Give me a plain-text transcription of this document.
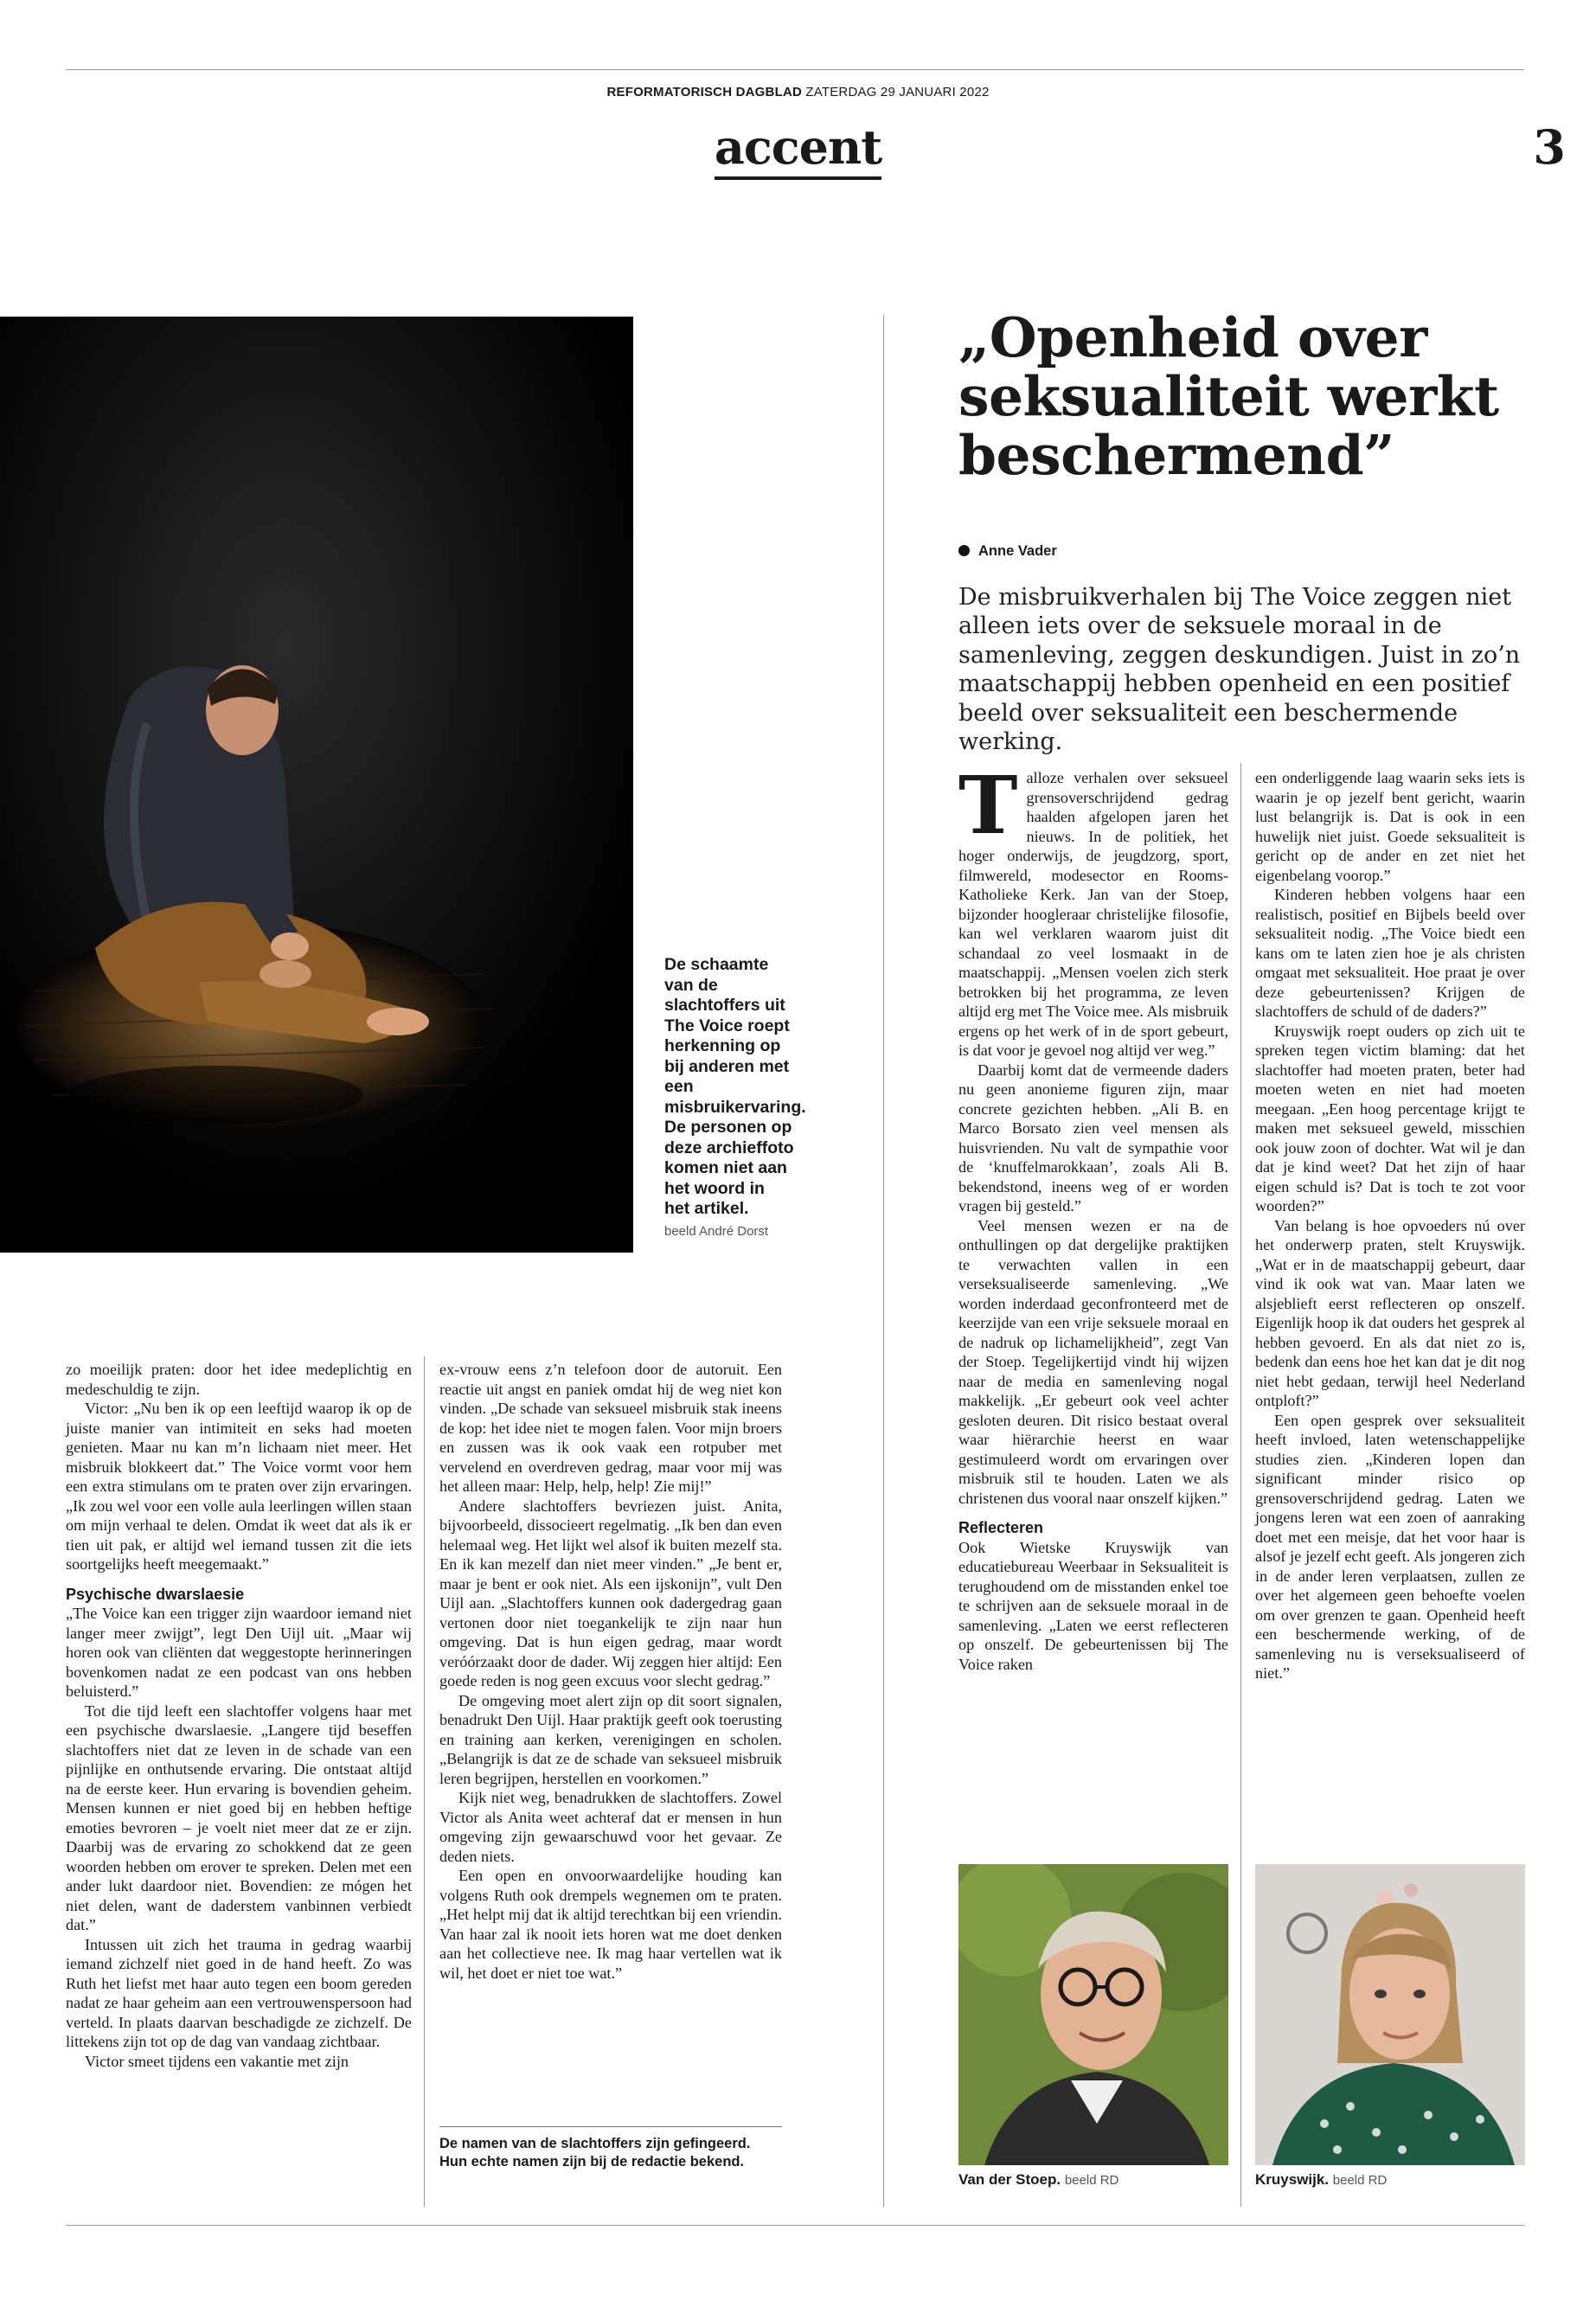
REFORMATORISCH DAGBLAD ZATERDAG 29 JANUARI 2022
accent	3
De schaamte van de slachtoffers uit The Voice roept herkenning op bij anderen met een misbruikervaring. De personen op deze archieffoto komen niet aan het woord in het artikel.
beeld André Dorst
„Openheid over seksualiteit werkt beschermend”
Anne Vader
De misbruikverhalen bij The Voice zeggen niet alleen iets over de seksuele moraal in de samenleving, zeggen deskundigen. Juist in zo’n maatschappij hebben openheid en een positief beeld over seksualiteit een beschermende werking.
T alloze verhalen over seksueel grensoverschrijdend gedrag haalden afgelopen jaren het nieuws. In de politiek, het hoger onderwijs, de jeugdzorg, sport, filmwereld, modesector en Rooms-Katholieke Kerk. Jan van der Stoep, bijzonder hoogleraar christelijke filosofie, kan wel verklaren waarom juist dit schandaal zo veel losmaakt in de maatschappij. „Mensen voelen zich sterk betrokken bij het programma, ze leven altijd erg met The Voice mee. Als misbruik ergens op het werk of in de sport gebeurt, is dat voor je gevoel nog altijd ver weg.”

Daarbij komt dat de vermeende daders nu geen anonieme figuren zijn, maar concrete gezichten hebben. „Ali B. en Marco Borsato zien veel mensen als huisvrienden. Nu valt de sympathie voor de ‘knuffelmarokkaan’, zoals Ali B. bekendstond, ineens weg of er worden vragen bij gesteld.”

Veel mensen wezen er na de onthullingen op dat dergelijke praktijken te verwachten vallen in een verseksualiseerde samenleving. „We worden inderdaad geconfronteerd met de keerzijde van een vrije seksuele moraal en de nadruk op lichamelijkheid”, zegt Van der Stoep. Tegelijkertijd vindt hij wijzen naar de media en samenleving nogal makkelijk. „Er gebeurt ook veel achter gesloten deuren. Dit risico bestaat overal waar hiërarchie heerst en waar gestimuleerd wordt om ervaringen over misbruik stil te houden. Laten we als christenen dus vooral naar onszelf kijken.”

Reflecteren

Ook Wietske Kruyswijk van educatiebureau Weerbaar in Seksualiteit is terughoudend om de misstanden enkel toe te schrijven aan de seksuele moraal in de samenleving. „Laten we eerst reflecteren op onszelf. De gebeurtenissen bij The Voice raken

een onderliggende laag waarin seks iets is waarin je op jezelf bent gericht, waarin lust belangrijk is. Dat is ook in een huwelijk niet juist. Goede seksualiteit is gericht op de ander en zet niet het eigenbelang voorop.”

Kinderen hebben volgens haar een realistisch, positief en Bijbels beeld over seksualiteit nodig. „The Voice biedt een kans om te laten zien hoe je als christen omgaat met seksualiteit. Hoe praat je over deze gebeurtenissen? Krijgen de slachtoffers de schuld of de daders?”

Kruyswijk roept ouders op zich uit te spreken tegen victim blaming: dat het slachtoffer had moeten praten, beter had moeten weten en niet had moeten meegaan. „Een hoog percentage krijgt te maken met seksueel geweld, misschien ook jouw zoon of dochter. Wat wil je dan dat je kind weet? Dat het zijn of haar eigen schuld is? Dat is toch te zot voor woorden?”

Van belang is hoe opvoeders nú over het onderwerp praten, stelt Kruyswijk. „Wat er in de maatschappij gebeurt, daar vind ik ook wat van. Maar laten we alsjeblieft eerst reflecteren op onszelf. Eigenlijk hoop ik dat ouders het gesprek al hebben gevoerd. En als dat niet zo is, bedenk dan eens hoe het kan dat je dit nog niet hebt gedaan, terwijl heel Nederland ontploft?”

Een open gesprek over seksualiteit heeft invloed, laten wetenschappelijke studies zien. „Kinderen lopen dan significant minder risico op grensoverschrijdend gedrag. Laten we jongens leren wat een zoen of aanraking doet met een meisje, dat het voor haar is alsof je jezelf echt geeft. Als jongeren zich in de ander leren verplaatsen, zullen ze over het algemeen geen behoefte voelen om over grenzen te gaan. Openheid heeft een beschermende werking, of de samenleving nu is verseksualiseerd of niet.”

zo moeilijk praten: door het idee medeplichtig en medeschuldig te zijn.

Victor: „Nu ben ik op een leeftijd waarop ik op de juiste manier van intimiteit en seks had moeten genieten. Maar nu kan m’n lichaam niet meer. Het misbruik blokkeert dat.” The Voice vormt voor hem een extra stimulans om te praten over zijn ervaringen. „Ik zou wel voor een volle aula leerlingen willen staan om mijn verhaal te delen. Omdat ik weet dat als ik er tien uit pak, er altijd wel iemand tussen zit die iets soortgelijks heeft meegemaakt.”

Psychische dwarslaesie

„The Voice kan een trigger zijn waardoor iemand niet langer meer zwijgt”, legt Den Uijl uit. „Maar wij horen ook van cliënten dat weggestopte herinneringen bovenkomen nadat ze een podcast van ons hebben beluisterd.”

Tot die tijd leeft een slachtoffer volgens haar met een psychische dwarslaesie. „Langere tijd beseffen slachtoffers niet dat ze leven in de schade van een pijnlijke en onthutsende ervaring. Die ontstaat altijd na de eerste keer. Hun ervaring is bovendien geheim. Mensen kunnen er niet goed bij en hebben heftige emoties bevroren – je voelt niet meer dat ze er zijn. Daarbij was de ervaring zo schokkend dat ze geen woorden hebben om erover te spreken. Delen met een ander lukt daardoor niet. Bovendien: ze mógen het niet delen, want de daderstem vanbinnen verbiedt dat.”

Intussen uit zich het trauma in gedrag waarbij iemand zichzelf niet goed in de hand heeft. Zo was Ruth het liefst met haar auto tegen een boom gereden nadat ze haar geheim aan een vertrouwenspersoon had verteld. In plaats daarvan beschadigde ze zichzelf. De littekens zijn tot op de dag van vandaag zichtbaar.

Victor smeet tijdens een vakantie met zijn

ex-vrouw eens z’n telefoon door de autoruit. Een reactie uit angst en paniek omdat hij de weg niet kon vinden. „De schade van seksueel misbruik stak ineens de kop: het idee niet te mogen falen. Voor mijn broers en zussen was ik ook vaak een rotpuber met vervelend en overdreven gedrag, maar voor mij was het alleen maar: Help, help, help! Zie mij!”

Andere slachtoffers bevriezen juist. Anita, bijvoorbeeld, dissocieert regelmatig. „Ik ben dan even helemaal weg. Het lijkt wel alsof ik buiten mezelf sta. En ik kan mezelf dan niet meer vinden.” „Je bent er, maar je bent er ook niet. Als een ijskonijn”, vult Den Uijl aan. „Slachtoffers kunnen ook dadergedrag gaan vertonen door niet toegankelijk te zijn naar hun omgeving. Dat is hun eigen gedrag, maar wordt veróórzaakt door de dader. Wij zeggen hier altijd: Een goede reden is nog geen excuus voor slecht gedrag.”

De omgeving moet alert zijn op dit soort signalen, benadrukt Den Uijl. Haar praktijk geeft ook toerusting en training aan kerken, verenigingen en scholen. „Belangrijk is dat ze de schade van seksueel misbruik leren begrijpen, herstellen en voorkomen.”

Kijk niet weg, benadrukken de slachtoffers. Zowel Victor als Anita weet achteraf dat er mensen in hun omgeving zijn gewaarschuwd voor het gevaar. Ze deden niets.

Een open en onvoorwaardelijke houding kan volgens Ruth ook drempels wegnemen om te praten. „Het helpt mij dat ik altijd terechtkan bij een vriendin. Van haar zal ik nooit iets horen wat me doet denken aan het collectieve nee. Ik mag haar vertellen wat ik wil, het doet er niet toe wat.”

De namen van de slachtoffers zijn gefingeerd. Hun echte namen zijn bij de redactie bekend.
Van der Stoep. beeld RD	Kruyswijk. beeld RD
